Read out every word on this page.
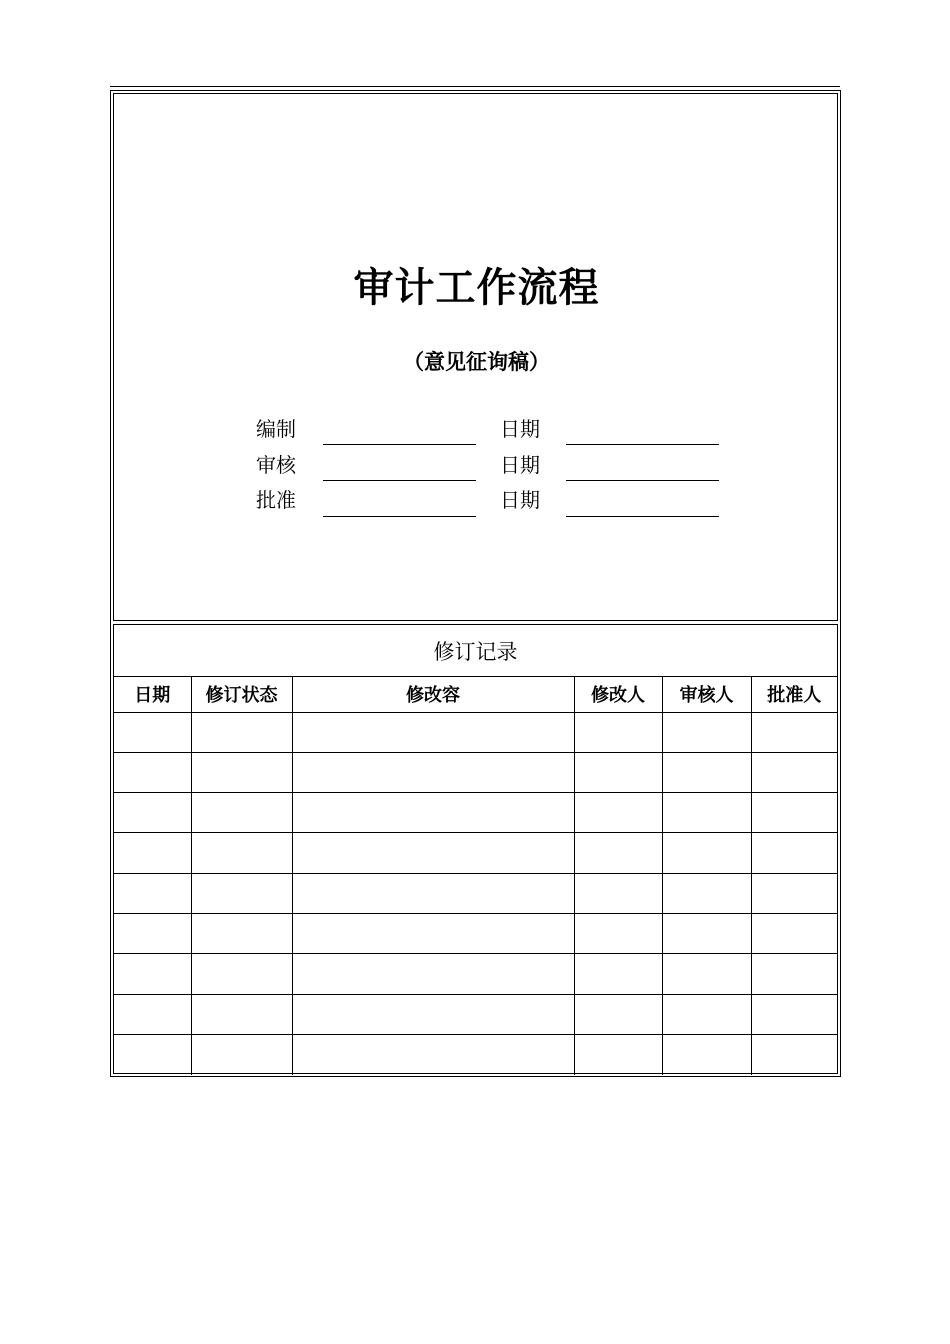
审计工作流程
（意见征询稿）
编制	日期
审核	日期
批准	日期
修订记录
日期	修订状态	修改容	修改人	审核人	批准人
